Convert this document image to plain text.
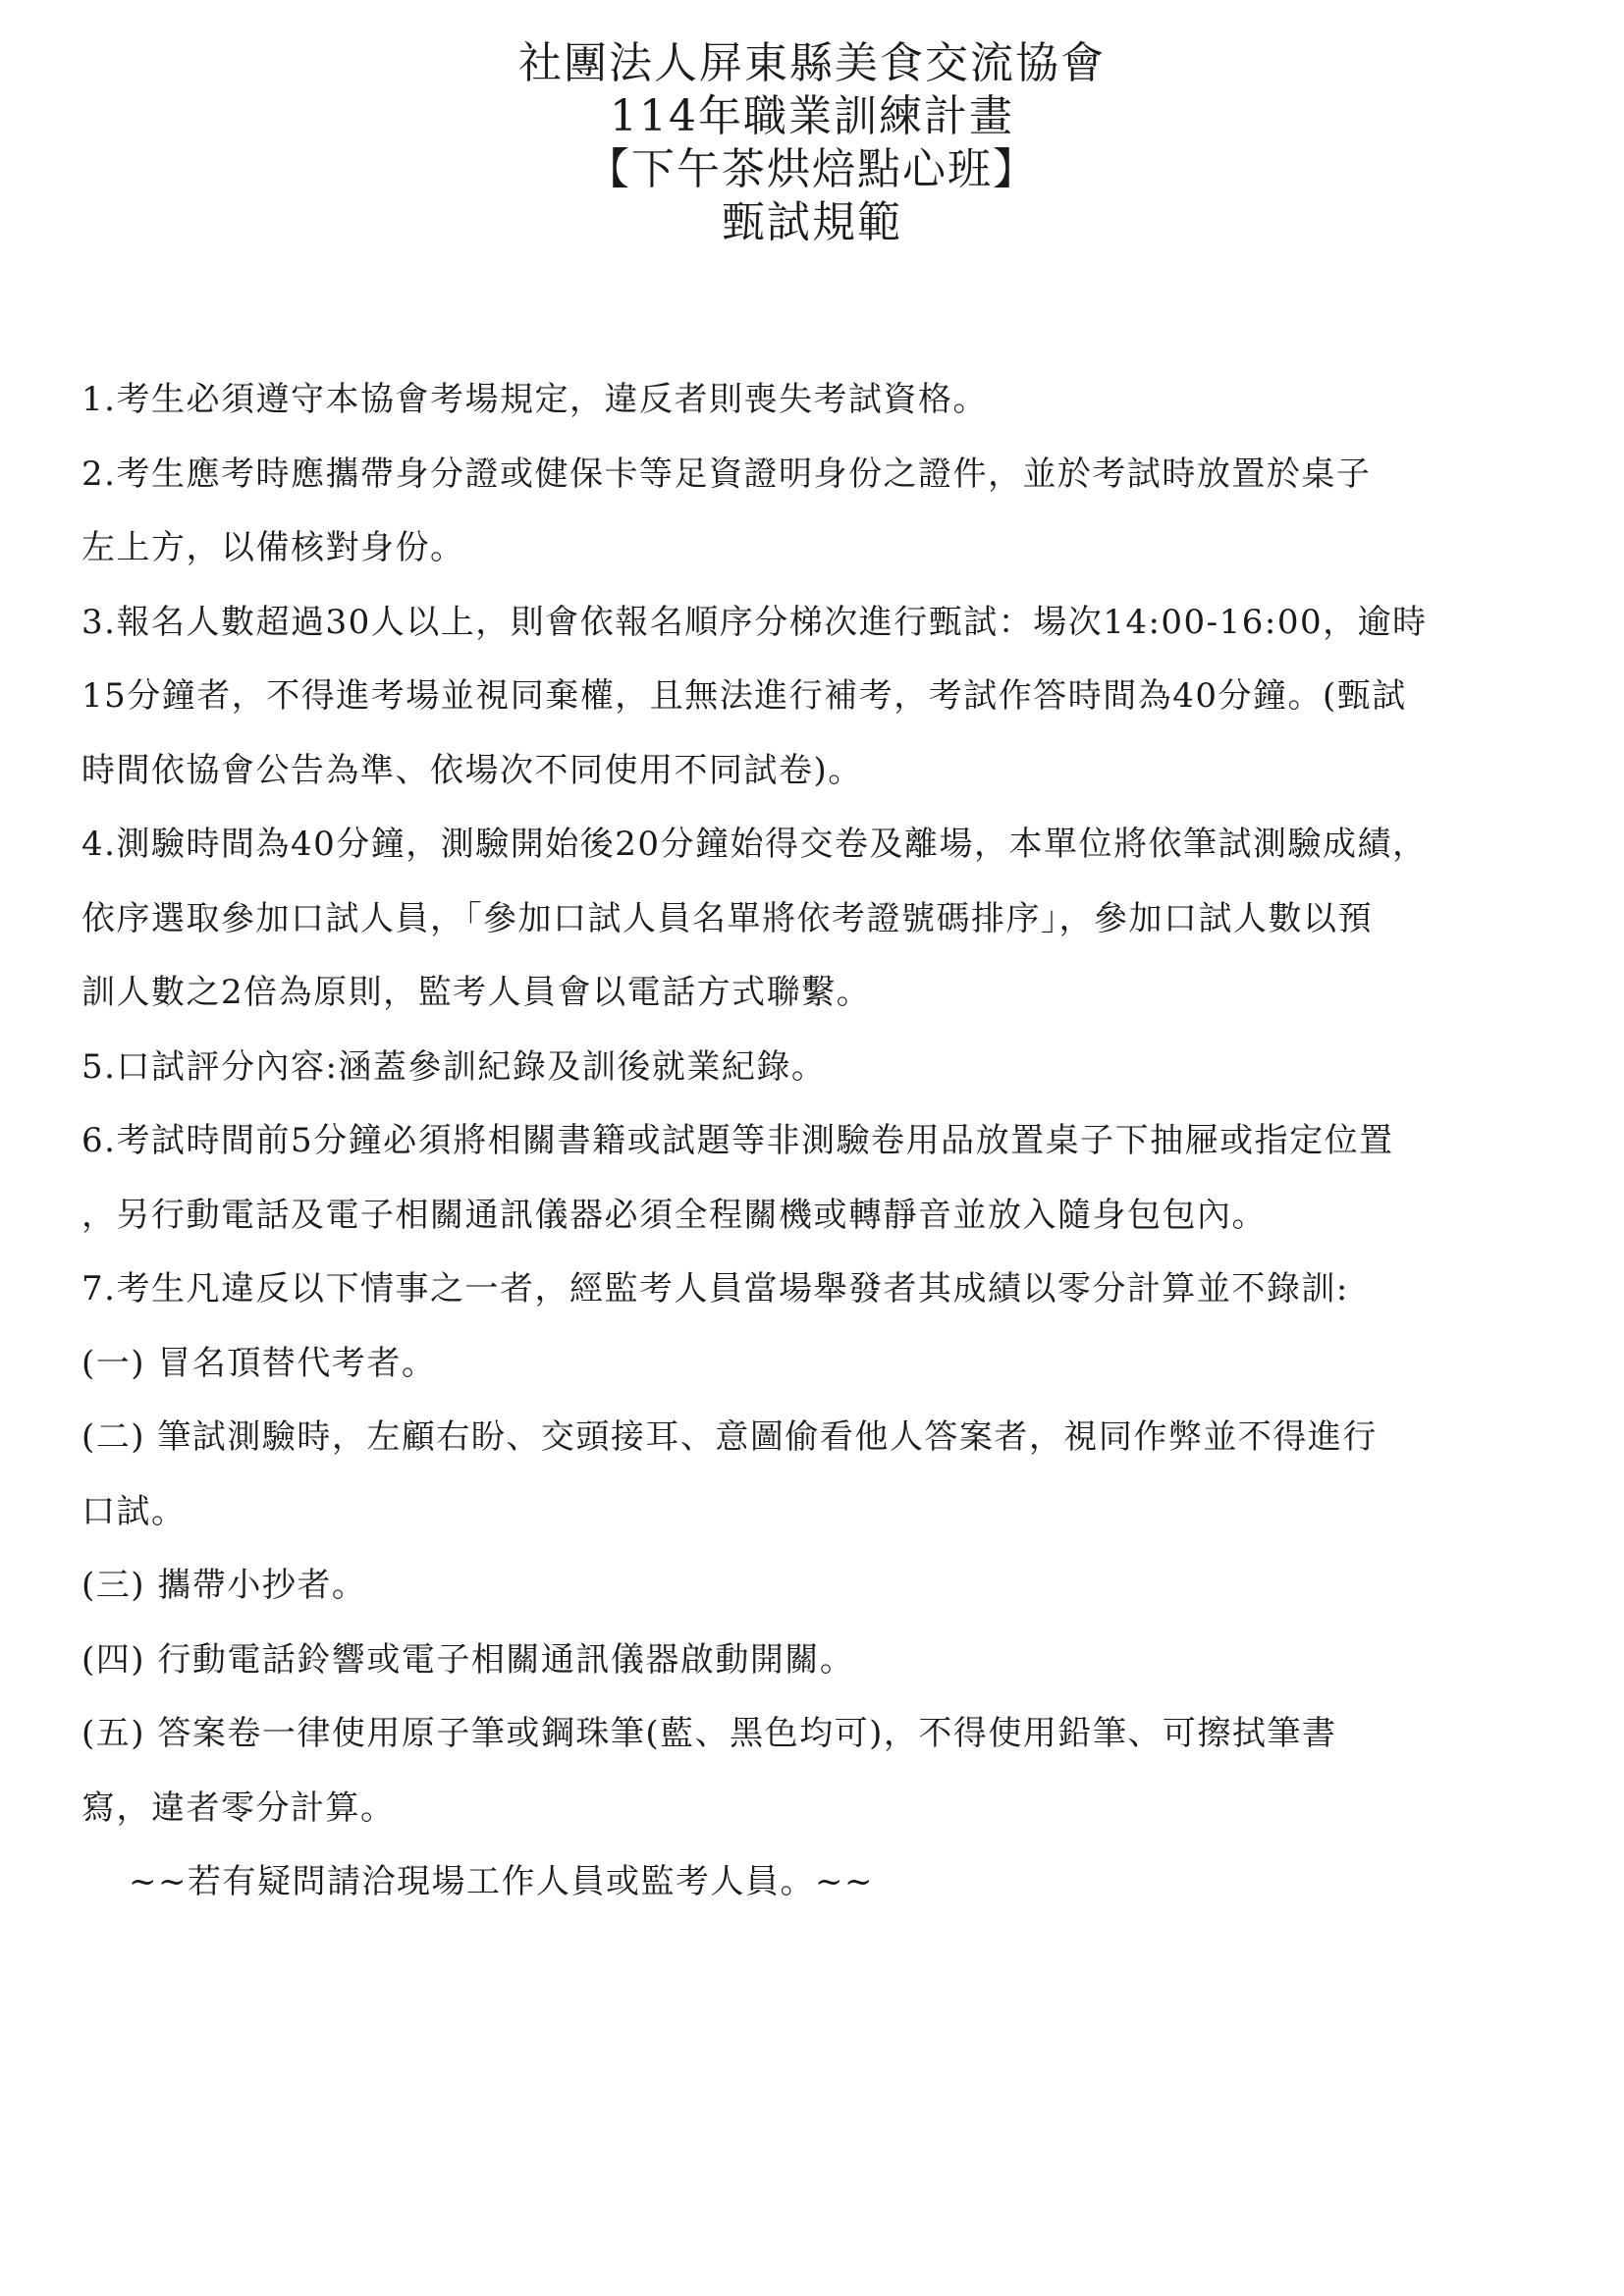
社團法人屏東縣美食交流協會
114年職業訓練計畫
【下午茶烘焙點心班】
甄試規範
1.考生必須遵守本協會考場規定，違反者則喪失考試資格。
2.考生應考時應攜帶身分證或健保卡等足資證明身份之證件，並於考試時放置於桌子
左上方，以備核對身份。
3.報名人數超過30人以上，則會依報名順序分梯次進行甄試：場次14:00-16:00，逾時
15分鐘者，不得進考場並視同棄權，且無法進行補考，考試作答時間為40分鐘。(甄試
時間依協會公告為準、依場次不同使用不同試卷)。
4.測驗時間為40分鐘，測驗開始後20分鐘始得交卷及離場，本單位將依筆試測驗成績，
依序選取參加口試人員，「參加口試人員名單將依考證號碼排序」，參加口試人數以預
訓人數之2倍為原則，監考人員會以電話方式聯繫。
5.口試評分內容:涵蓋參訓紀錄及訓後就業紀錄。
6.考試時間前5分鐘必須將相關書籍或試題等非測驗卷用品放置桌子下抽屜或指定位置
，另行動電話及電子相關通訊儀器必須全程關機或轉靜音並放入隨身包包內。
7.考生凡違反以下情事之一者，經監考人員當場舉發者其成績以零分計算並不錄訓:
(一) 冒名頂替代考者。
(二) 筆試測驗時，左顧右盼、交頭接耳、意圖偷看他人答案者，視同作弊並不得進行
口試。
(三) 攜帶小抄者。
(四) 行動電話鈴響或電子相關通訊儀器啟動開關。
(五) 答案卷一律使用原子筆或鋼珠筆(藍、黑色均可)，不得使用鉛筆、可擦拭筆書
寫，違者零分計算。
~~若有疑問請洽現場工作人員或監考人員。~~
